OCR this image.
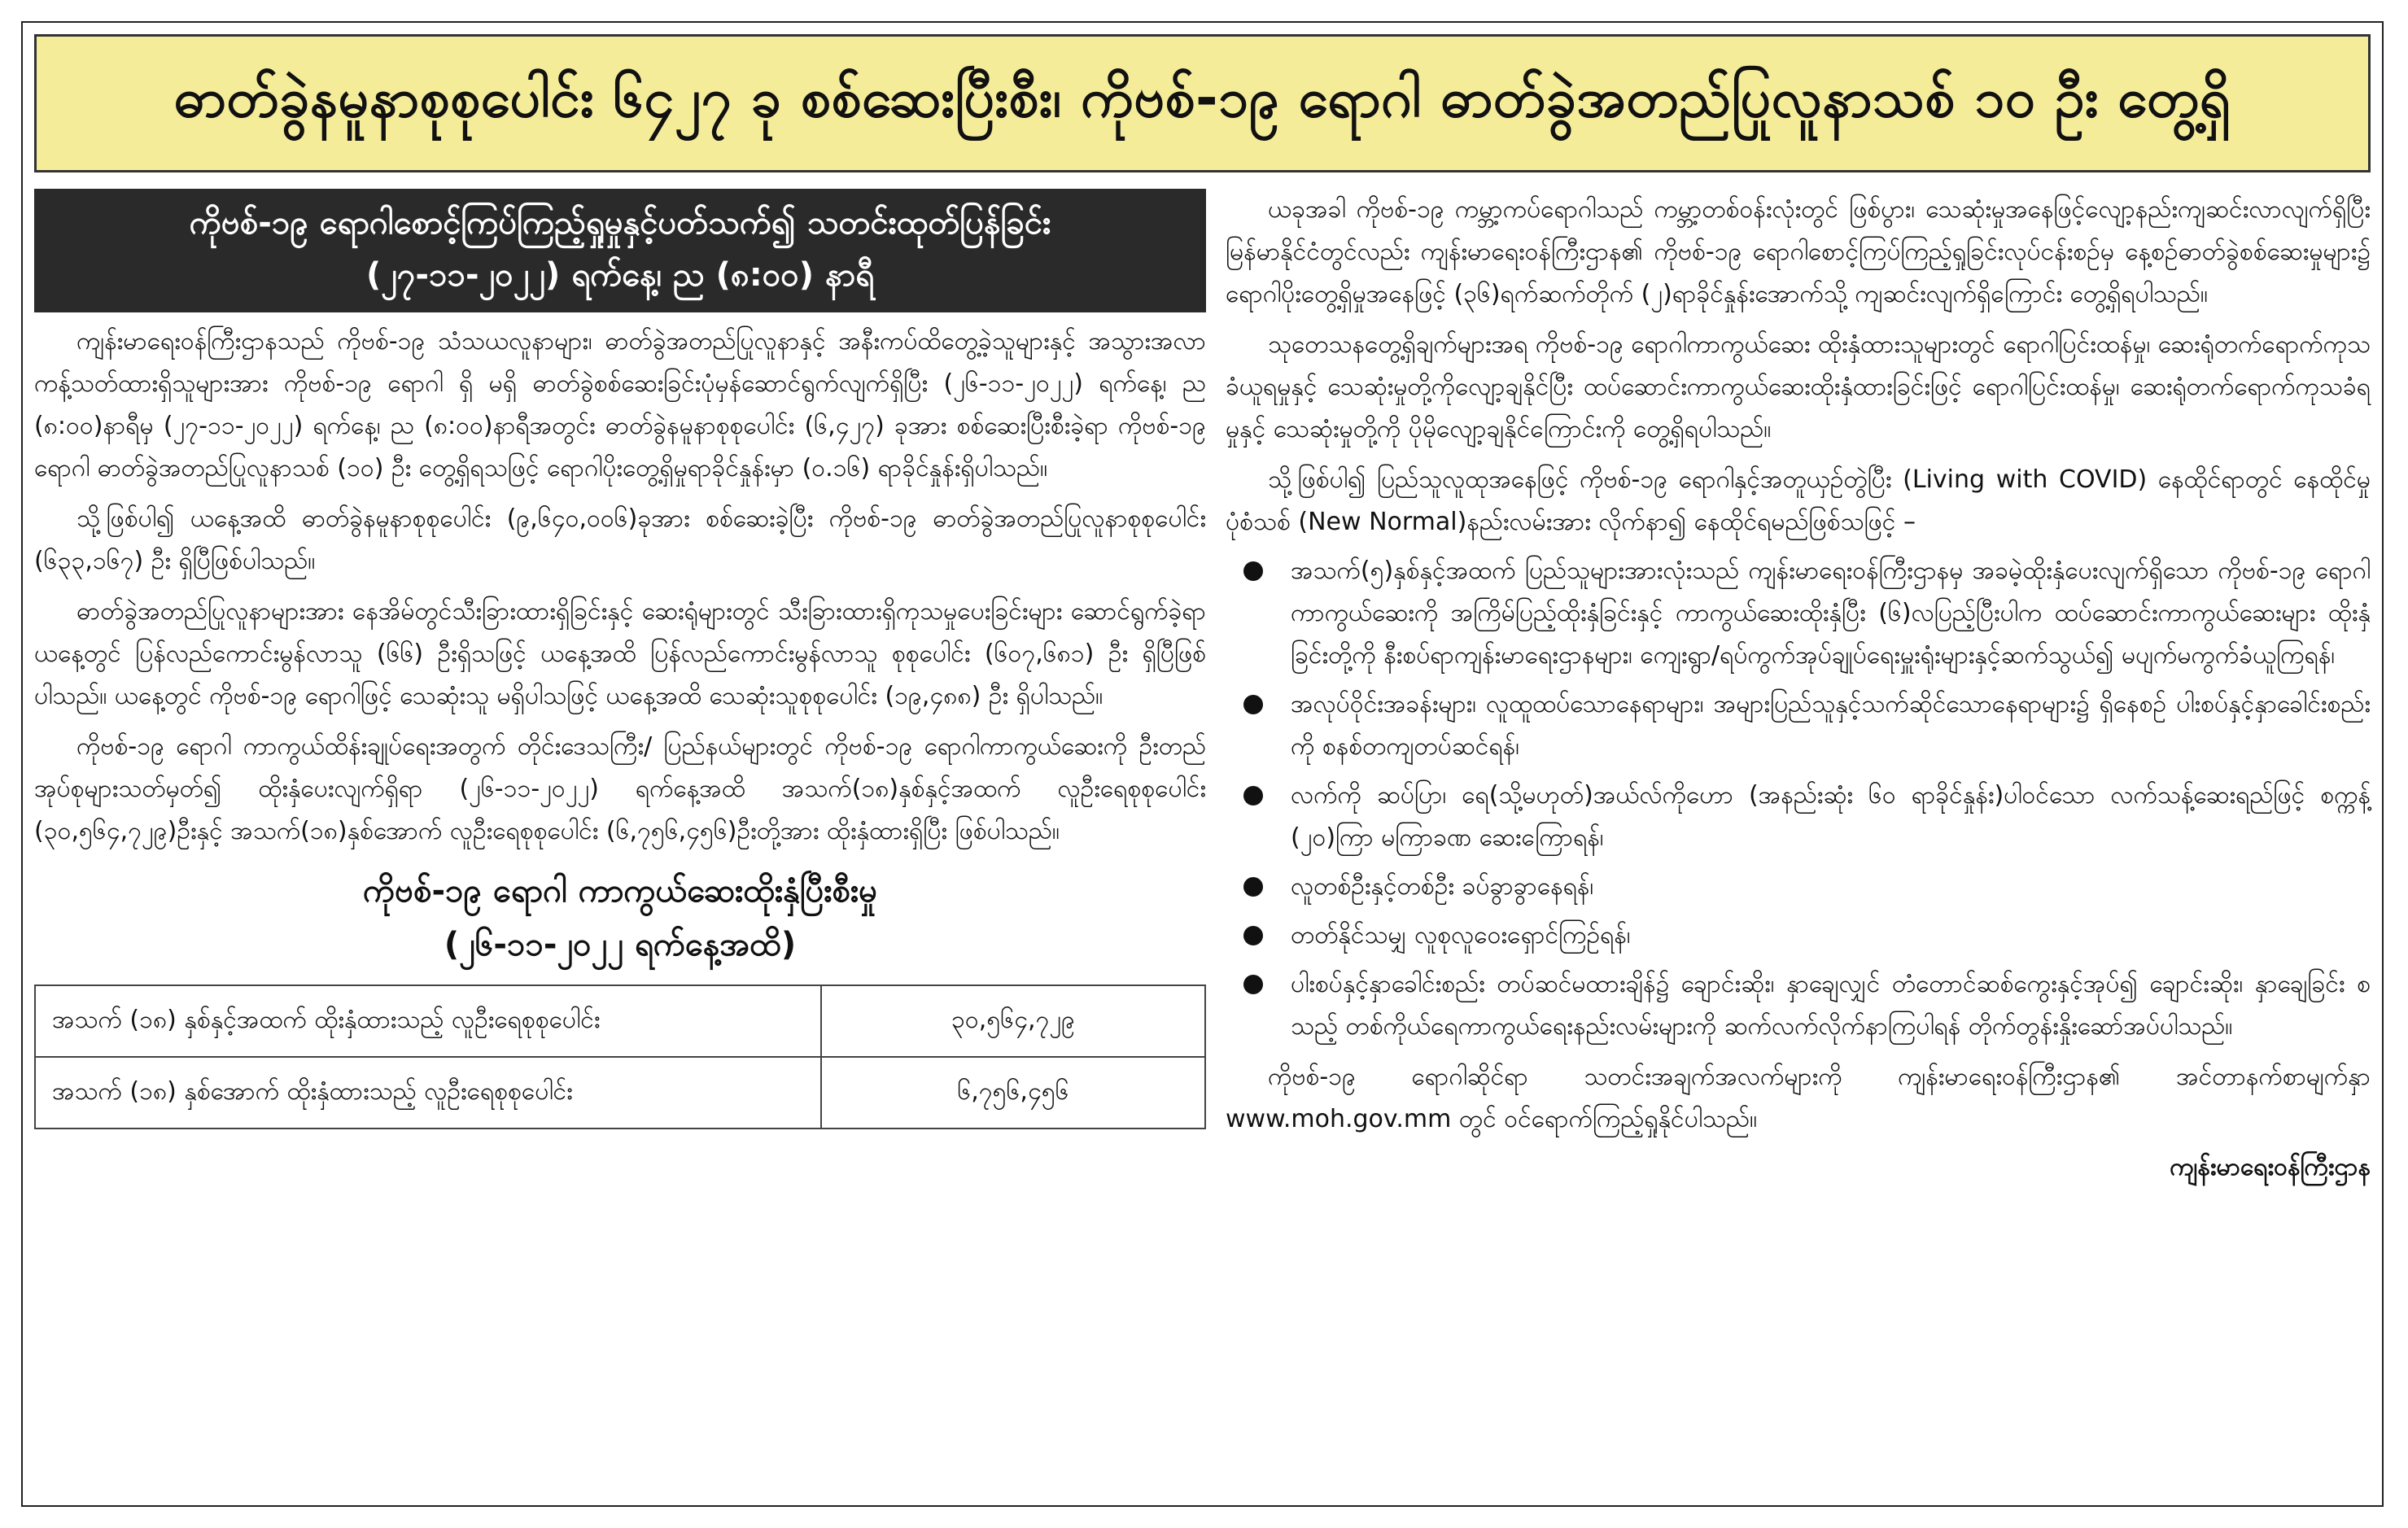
ဓာတ်ခွဲနမူနာစုစုပေါင်း ၆၄၂၇ ခု စစ်ဆေးပြီးစီး၊ ကိုဗစ်-၁၉ ရောဂါ ဓာတ်ခွဲအတည်ပြုလူနာသစ် ၁၀ ဦး တွေ့ရှိ
ကိုဗစ်-၁၉ ရောဂါစောင့်ကြပ်ကြည့်ရှုမှုနှင့်ပတ်သက်၍ သတင်းထုတ်ပြန်ခြင်း
(၂၇-၁၁-၂၀၂၂) ရက်နေ့၊ ည (၈:၀၀) နာရီ

ကျန်းမာရေးဝန်ကြီးဌာနသည် ကိုဗစ်-၁၉ သံသယလူနာများ၊ ဓာတ်ခွဲအတည်ပြုလူနာနှင့် အနီးကပ်ထိတွေ့ခဲ့သူများနှင့် အသွားအလာကန့်သတ်ထားရှိသူများအား ကိုဗစ်-၁၉ ရောဂါ ရှိ မရှိ ဓာတ်ခွဲစစ်ဆေးခြင်းပုံမှန်ဆောင်ရွက်လျက်ရှိပြီး (၂၆-၁၁-၂၀၂၂) ရက်နေ့၊ ည (၈:၀၀)နာရီမှ (၂၇-၁၁-၂၀၂၂) ရက်နေ့၊ ည (၈:၀၀)နာရီအတွင်း ဓာတ်ခွဲနမူနာစုစုပေါင်း (၆,၄၂၇) ခုအား စစ်ဆေးပြီးစီးခဲ့ရာ ကိုဗစ်-၁၉ ရောဂါ ဓာတ်ခွဲအတည်ပြုလူနာသစ် (၁၀) ဦး တွေ့ရှိရသဖြင့် ရောဂါပိုးတွေ့ရှိမှုရာခိုင်နှုန်းမှာ (၀.၁၆) ရာခိုင်နှုန်းရှိပါသည်။

သို့ဖြစ်ပါ၍ ယနေ့အထိ ဓာတ်ခွဲနမူနာစုစုပေါင်း (၉,၆၄၀,၀၀၆)ခုအား စစ်ဆေးခဲ့ပြီး ကိုဗစ်-၁၉ ဓာတ်ခွဲအတည်ပြုလူနာစုစုပေါင်း (၆၃၃,၁၆၇) ဦး ရှိပြီဖြစ်ပါသည်။

ဓာတ်ခွဲအတည်ပြုလူနာများအား နေအိမ်တွင်သီးခြားထားရှိခြင်းနှင့် ဆေးရုံများတွင် သီးခြားထားရှိကုသမှုပေးခြင်းများ ဆောင်ရွက်ခဲ့ရာ ယနေ့တွင် ပြန်လည်ကောင်းမွန်လာသူ (၆၆) ဦးရှိသဖြင့် ယနေ့အထိ ပြန်လည်ကောင်းမွန်လာသူ စုစုပေါင်း (၆၀၇,၆၈၁) ဦး ရှိပြီဖြစ်ပါသည်။ ယနေ့တွင် ကိုဗစ်-၁၉ ရောဂါဖြင့် သေဆုံးသူ မရှိပါသဖြင့် ယနေ့အထိ သေဆုံးသူစုစုပေါင်း (၁၉,၄၈၈) ဦး ရှိပါသည်။

ကိုဗစ်-၁၉ ရောဂါ ကာကွယ်ထိန်းချုပ်ရေးအတွက် တိုင်းဒေသကြီး/ ပြည်နယ်များတွင် ကိုဗစ်-၁၉ ရောဂါကာကွယ်ဆေးကို ဦးတည်အုပ်စုများသတ်မှတ်၍ ထိုးနှံပေးလျက်ရှိရာ (၂၆-၁၁-၂၀၂၂) ရက်နေ့အထိ အသက်(၁၈)နှစ်နှင့်အထက် လူဦးရေစုစုပေါင်း (၃၀,၅၆၄,၇၂၉)ဦးနှင့် အသက်(၁၈)နှစ်အောက် လူဦးရေစုစုပေါင်း (၆,၇၅၆,၄၅၆)ဦးတို့အား ထိုးနှံထားရှိပြီး ဖြစ်ပါသည်။

ကိုဗစ်-၁၉ ရောဂါ ကာကွယ်ဆေးထိုးနှံပြီးစီးမှု
(၂၆-၁၁-၂၀၂၂ ရက်နေ့အထိ)
အသက် (၁၈) နှစ်နှင့်အထက် ထိုးနှံထားသည့် လူဦးရေစုစုပေါင်း	၃၀,၅၆၄,၇၂၉
အသက် (၁၈) နှစ်အောက် ထိုးနှံထားသည့် လူဦးရေစုစုပေါင်း	၆,၇၅၆,၄၅၆

ယခုအခါ ကိုဗစ်-၁၉ ကမ္ဘာ့ကပ်ရောဂါသည် ကမ္ဘာ့တစ်ဝန်းလုံးတွင် ဖြစ်ပွား၊ သေဆုံးမှုအနေဖြင့်လျော့နည်းကျဆင်းလာလျက်ရှိပြီး မြန်မာနိုင်ငံတွင်လည်း ကျန်းမာရေးဝန်ကြီးဌာန၏ ကိုဗစ်-၁၉ ရောဂါစောင့်ကြပ်ကြည့်ရှုခြင်းလုပ်ငန်းစဉ်မှ နေ့စဉ်ဓာတ်ခွဲစစ်ဆေးမှုများ၌ ရောဂါပိုးတွေ့ရှိမှုအနေဖြင့် (၃၆)ရက်ဆက်တိုက် (၂)ရာခိုင်နှုန်းအောက်သို့ ကျဆင်းလျက်ရှိကြောင်း တွေ့ရှိရပါသည်။

သုတေသနတွေ့ရှိချက်များအရ ကိုဗစ်-၁၉ ရောဂါကာကွယ်ဆေး ထိုးနှံထားသူများတွင် ရောဂါပြင်းထန်မှု၊ ဆေးရုံတက်ရောက်ကုသခံယူရမှုနှင့် သေဆုံးမှုတို့ကိုလျော့ချနိုင်ပြီး ထပ်ဆောင်းကာကွယ်ဆေးထိုးနှံထားခြင်းဖြင့် ရောဂါပြင်းထန်မှု၊ ဆေးရုံတက်ရောက်ကုသခံရမှုနှင့် သေဆုံးမှုတို့ကို ပိုမိုလျော့ချနိုင်ကြောင်းကို တွေ့ရှိရပါသည်။

သို့ဖြစ်ပါ၍ ပြည်သူလူထုအနေဖြင့် ကိုဗစ်-၁၉ ရောဂါနှင့်အတူယှဉ်တွဲပြီး (Living with COVID) နေထိုင်ရာတွင် နေထိုင်မှုပုံစံသစ် (New Normal)နည်းလမ်းအား လိုက်နာ၍ နေထိုင်ရမည်ဖြစ်သဖြင့် –

အသက်(၅)နှစ်နှင့်အထက် ပြည်သူများအားလုံးသည် ကျန်းမာရေးဝန်ကြီးဌာနမှ အခမဲ့ထိုးနှံပေးလျက်ရှိသော ကိုဗစ်-၁၉ ရောဂါ ကာကွယ်ဆေးကို အကြိမ်ပြည့်ထိုးနှံခြင်းနှင့် ကာကွယ်ဆေးထိုးနှံပြီး (၆)လပြည့်ပြီးပါက ထပ်ဆောင်းကာကွယ်ဆေးများ ထိုးနှံခြင်းတို့ကို နီးစပ်ရာကျန်းမာရေးဌာနများ၊ ကျေးရွာ/ရပ်ကွက်အုပ်ချုပ်ရေးမှူးရုံးများနှင့်ဆက်သွယ်၍ မပျက်မကွက်ခံယူကြရန်၊
အလုပ်ဝိုင်းအခန်းများ၊ လူထူထပ်သောနေရာများ၊ အများပြည်သူနှင့်သက်ဆိုင်သောနေရာများ၌ ရှိနေစဉ် ပါးစပ်နှင့်နှာခေါင်းစည်းကို စနစ်တကျတပ်ဆင်ရန်၊
လက်ကို ဆပ်ပြာ၊ ရေ(သို့မဟုတ်)အယ်လ်ကိုဟော (အနည်းဆုံး ၆၀ ရာခိုင်နှုန်း)ပါဝင်သော လက်သန့်ဆေးရည်ဖြင့် စက္ကန့် (၂၀)ကြာ မကြာခဏ ဆေးကြောရန်၊
လူတစ်ဦးနှင့်တစ်ဦး ခပ်ခွာခွာနေရန်၊
တတ်နိုင်သမျှ လူစုလူဝေးရှောင်ကြဉ်ရန်၊
ပါးစပ်နှင့်နှာခေါင်းစည်း တပ်ဆင်မထားချိန်၌ ချောင်းဆိုး၊ နှာချေလျှင် တံတောင်ဆစ်ကွေးနှင့်အုပ်၍ ချောင်းဆိုး၊ နှာချေခြင်း စသည့် တစ်ကိုယ်ရေကာကွယ်ရေးနည်းလမ်းများကို ဆက်လက်လိုက်နာကြပါရန် တိုက်တွန်းနှိုးဆော်အပ်ပါသည်။

ကိုဗစ်-၁၉ ရောဂါဆိုင်ရာ သတင်းအချက်အလက်များကို ကျန်းမာရေးဝန်ကြီးဌာန၏ အင်တာနက်စာမျက်နှာ www.moh.gov.mm တွင် ဝင်ရောက်ကြည့်ရှုနိုင်ပါသည်။

ကျန်းမာရေးဝန်ကြီးဌာန
